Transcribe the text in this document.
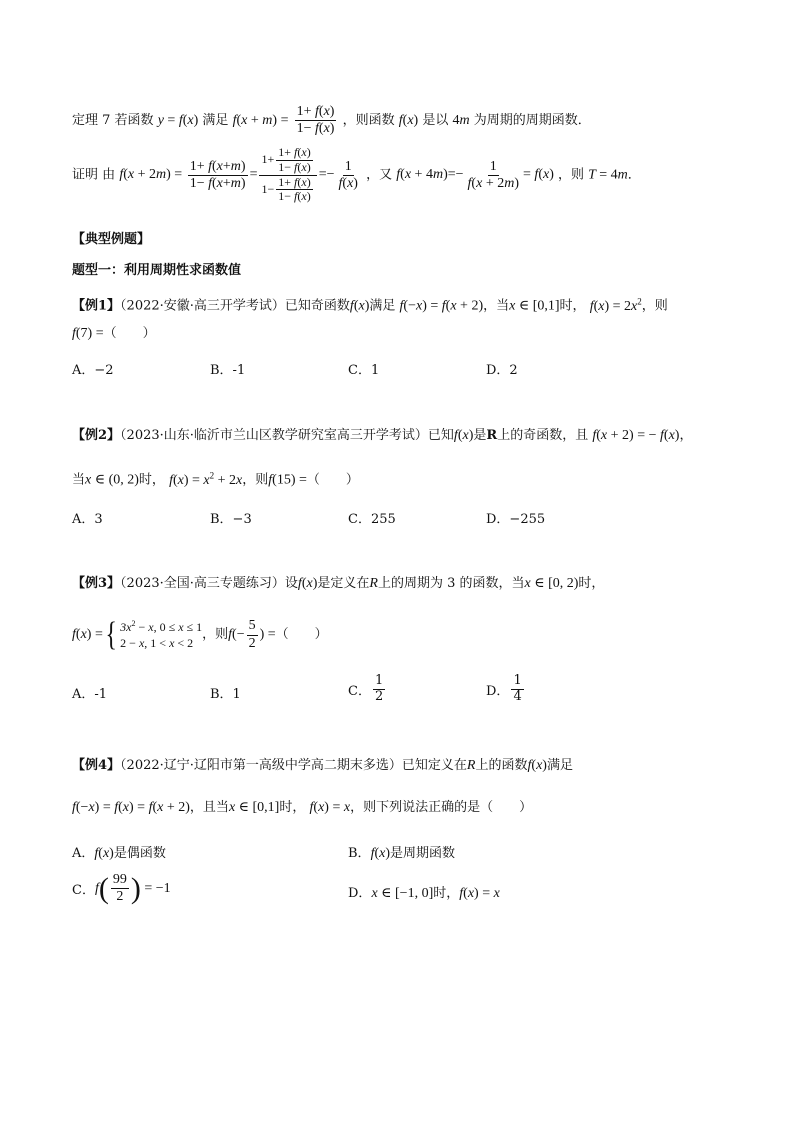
定理 7 若函数 y = f(x) 满足 $f(x + m) = \frac{1+ f(x)}{1- f(x)}$ ，则函数 f(x) 是以 4m 为周期的周期函数．
证明 由 $f(x + 2m) = \frac{1+ f(x+m)}{1- f(x+m)} = \frac{1+ \frac{1+ f(x)}{1- f(x)}}{1- \frac{1+ f(x)}{1- f(x)}} =- \frac{1}{f(x)}$ ，又 $f(x + 4m)=- \frac{1}{f(x + 2m)} = f(x)$ ，则 T = 4m．
【典型例题】
题型一：利用周期性求函数值
【例1】（2022·安徽·高三开学考试）已知奇函数f(x)满足 f(−x) = f(x + 2)，当x ∈ [0,1]时， $f(x) = 2x^2$，则
f(7) =（　　）
A．−2	B．-1	C．1	D．2
【例2】（2023·山东·临沂市兰山区教学研究室高三开学考试）已知f(x)是R上的奇函数，且 f(x + 2) = − f(x)，
当x ∈ (0, 2)时， $f(x) = x^2 + 2x$，则f(15) =（　　）
A．3	B．−3	C．255	D．−255
【例3】（2023·全国·高三专题练习）设f(x)是定义在R上的周期为 3 的函数，当x ∈ [0, 2)时，
f(x) ={ $3x^2 - x$, 0 ≤ x ≤ 1
2 − x, 1 < x < 2
，则$f(- \frac{5}{2}$ ) =（　　）
A．-1	B．1	C． $\frac{1}{2}$	D． $\frac{1}{4}$
【例4】（2022·辽宁·辽阳市第一高级中学高二期末多选）已知定义在R上的函数f(x)满足
f(−x) = f(x) = f(x + 2)，且当x ∈ [0,1]时， f(x) = x，则下列说法正确的是（　　）
A．f(x)是偶函数	B．f(x)是周期函数
C．$f( \frac{99}{2}$ ) = −1	D．x ∈ [−1, 0]时，f(x) = x
